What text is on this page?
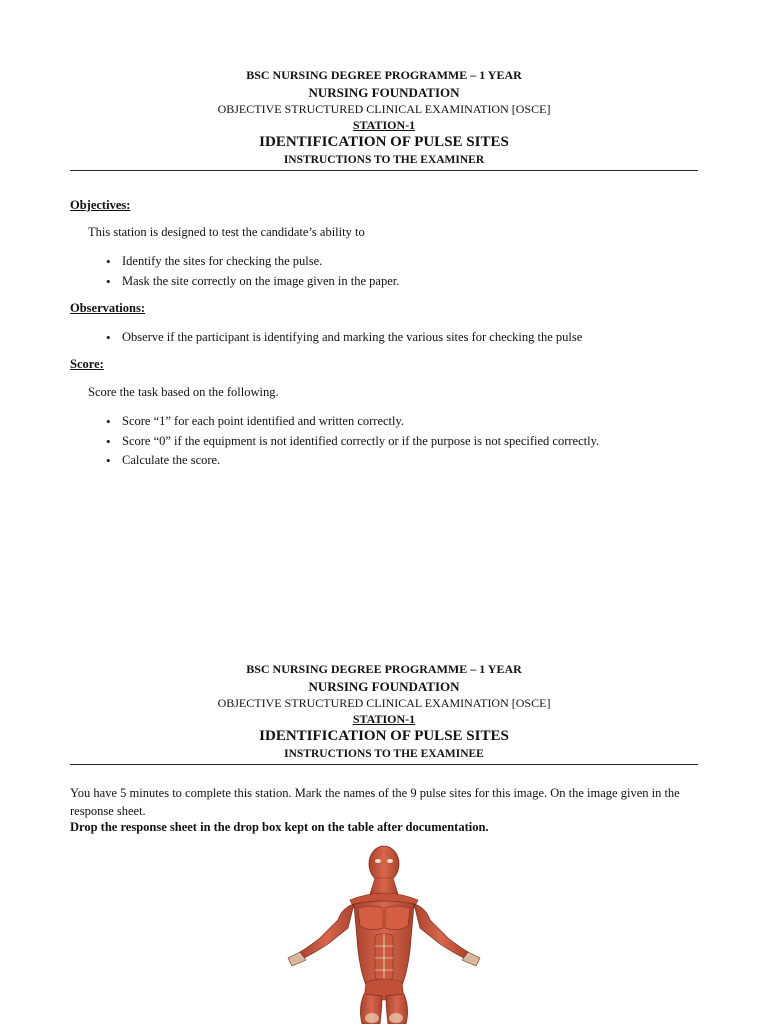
BSC NURSING DEGREE PROGRAMME – 1 YEAR
NURSING FOUNDATION
OBJECTIVE STRUCTURED CLINICAL EXAMINATION [OSCE]
STATION-1
IDENTIFICATION OF PULSE SITES
INSTRUCTIONS TO THE EXAMINER
Objectives:
This station is designed to test the candidate’s ability to
• Identify the sites for checking the pulse.
• Mask the site correctly on the image given in the paper.
Observations:
• Observe if the participant is identifying and marking the various sites for checking the pulse
Score:
Score the task based on the following.
• Score “1” for each point identified and written correctly.
• Score “0” if the equipment is not identified correctly or if the purpose is not specified correctly.
• Calculate the score.
BSC NURSING DEGREE PROGRAMME – 1 YEAR
NURSING FOUNDATION
OBJECTIVE STRUCTURED CLINICAL EXAMINATION [OSCE]
STATION-1
IDENTIFICATION OF PULSE SITES
INSTRUCTIONS TO THE EXAMINEE
You have 5 minutes to complete this station. Mark the names of the 9 pulse sites for this image. On the image given in the response sheet.
Drop the response sheet in the drop box kept on the table after documentation.
